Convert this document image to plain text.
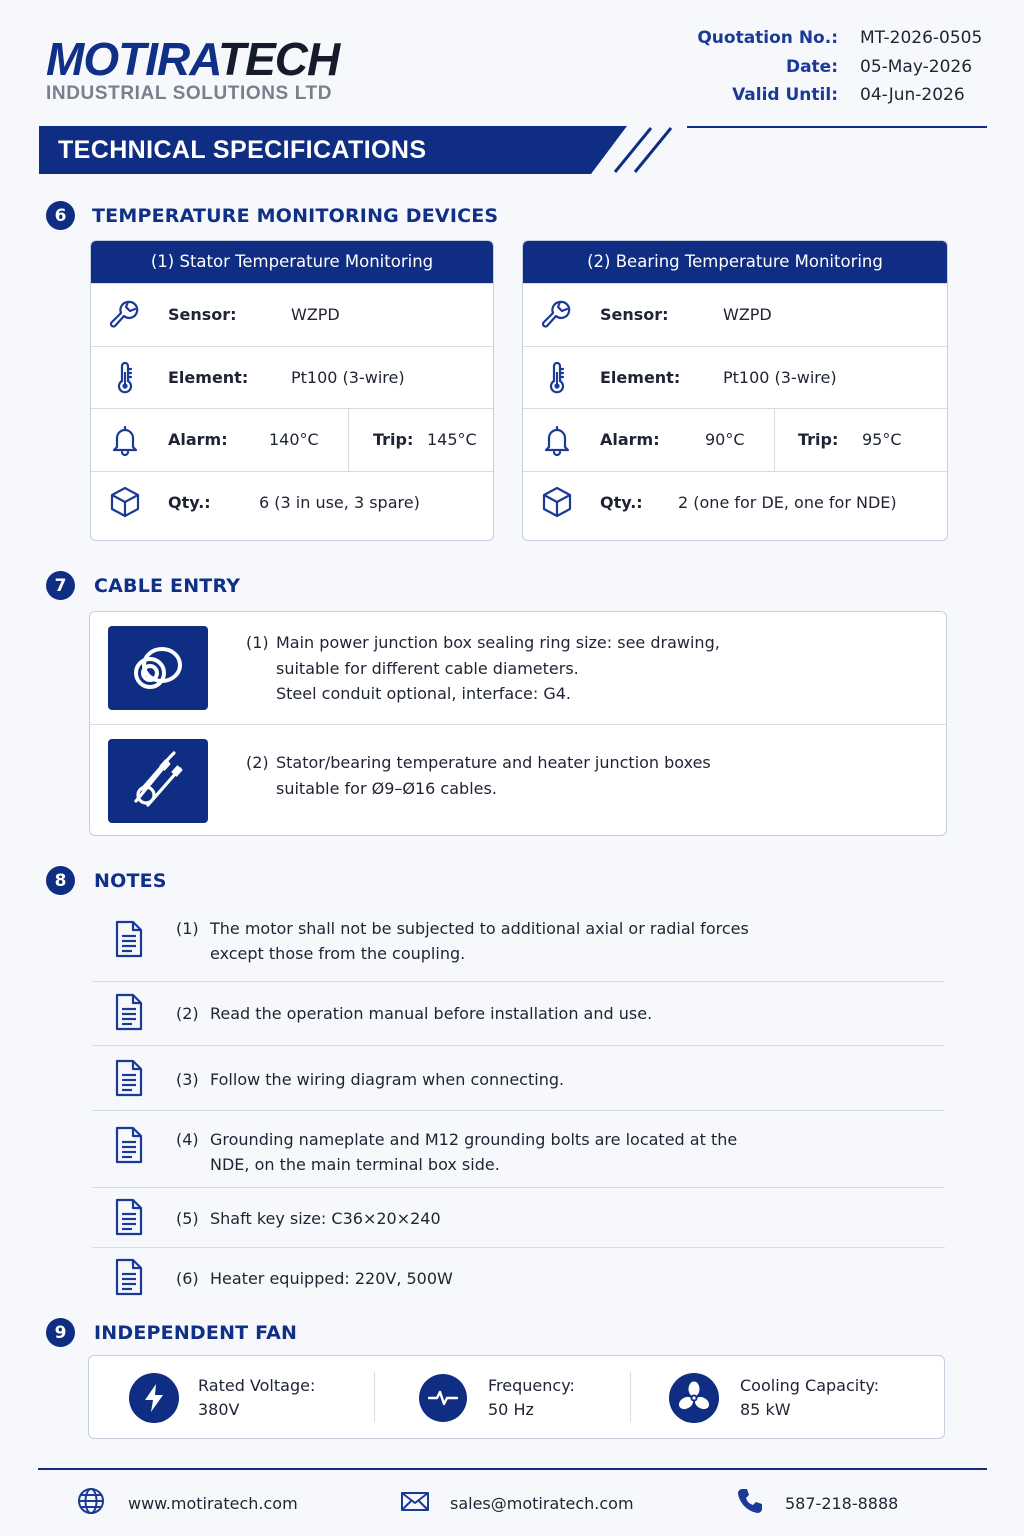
MOTIRATECH
INDUSTRIAL SOLUTIONS LTD
Quotation No.:	MT-2026-0505
Date:	05-May-2026
Valid Until:	04-Jun-2026
TECHNICAL SPECIFICATIONS
6	TEMPERATURE MONITORING DEVICES
(1) Stator Temperature Monitoring
Sensor:	WZPD
Element:	Pt100 (3-wire)
Alarm:	140°C	Trip: 145°C
Qty.:	6 (3 in use, 3 spare)
(2) Bearing Temperature Monitoring
Sensor:	WZPD
Element:	Pt100 (3-wire)
Alarm:	90°C	Trip: 95°C
Qty.: 2 (one for DE, one for NDE)
7	CABLE ENTRY
(1) Main power junction box sealing ring size: see drawing,
suitable for different cable diameters.
Steel conduit optional, interface: G4.
(2) Stator/bearing temperature and heater junction boxes
suitable for Ø9–Ø16 cables.
8	NOTES
(1) The motor shall not be subjected to additional axial or radial forces
except those from the coupling.
(2) Read the operation manual before installation and use.
(3) Follow the wiring diagram when connecting.
(4) Grounding nameplate and M12 grounding bolts are located at the
NDE, on the main terminal box side.
(5) Shaft key size: C36×20×240
(6) Heater equipped: 220V, 500W
9	INDEPENDENT FAN
Rated Voltage:
380V
Frequency:
50 Hz
Cooling Capacity:
85 kW
www.motiratech.com	sales@motiratech.com	587-218-8888
